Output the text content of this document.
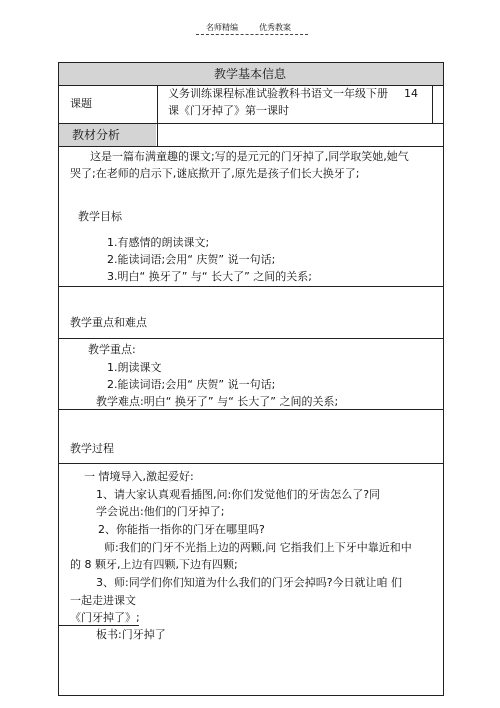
名师精编	优秀教案
教学基本信息
课题
义务训练课程标准试验教科书语文一年级下册 14
课《门牙掉了》第一课时
教材分析
这是一篇布满童趣的课文;写的是元元的门牙掉了,同学取笑她,她气
哭了;在老师的启示下,谜底揿开了,原先是孩子们长大换牙了;
教学目标
1.有感情的朗读课文;
2.能读词语;会用“ 庆贺” 说一句话;
3.明白“ 换牙了” 与“ 长大了” 之间的关系;
教学重点和难点
教学重点:
1.朗读课文
2.能读词语;会用“ 庆贺” 说一句话;
教学难点:明白“ 换牙了” 与“ 长大了” 之间的关系;
教学过程
一 情境导入,激起爱好:
1、请大家认真观看插图,问:你们发觉他们的牙齿怎么了?同
学会说出:他们的门牙掉了;
2、你能指一指你的门牙在哪里吗?
师:我们的门牙不光指上边的两颗,问 它指我们上下牙中靠近和中
的 8 颗牙,上边有四颗,下边有四颗;
3、师:同学们你们知道为什么我们的门牙会掉吗?今日就让咱 们
一起走进课文
《门牙掉了》;
板书:门牙掉了
